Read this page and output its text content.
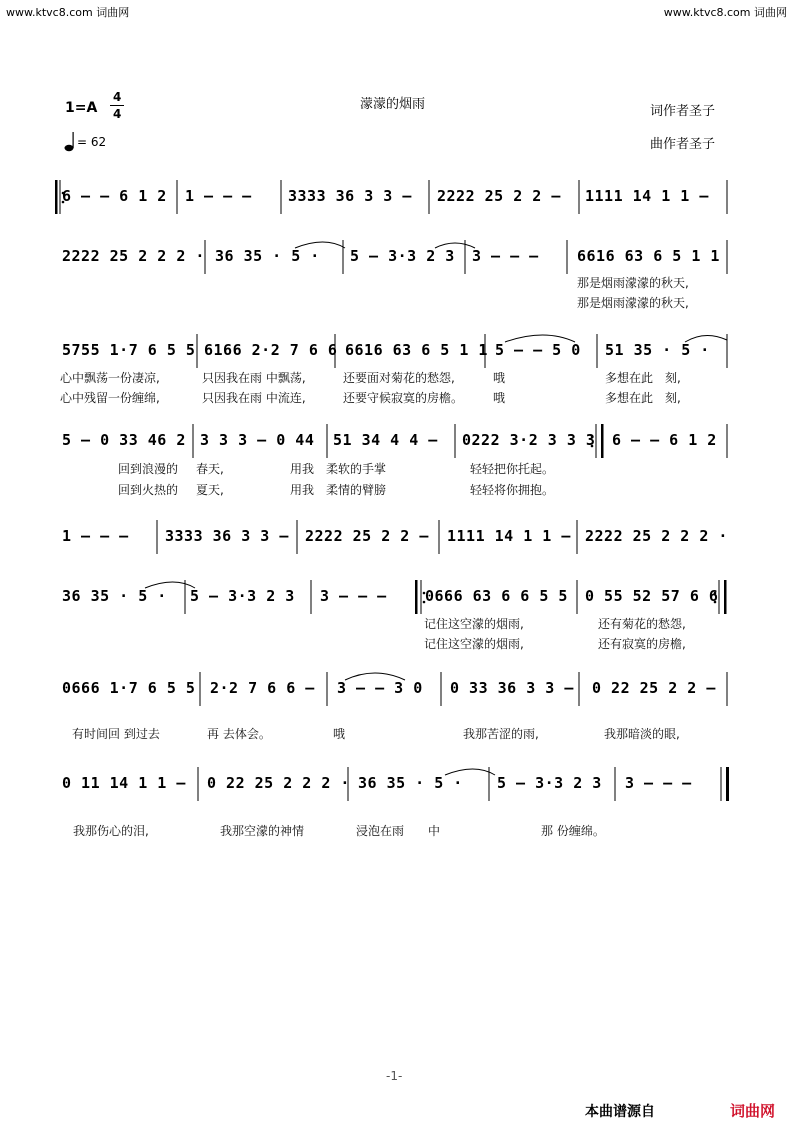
www.ktvc8.com 词曲网	www.ktvc8.com 词曲网
濛濛的烟雨
1=A
4
4	词作者圣子
曲作者圣子
= 62
6 — — 6 1 2 1 — — — 3333 36 3 3 — 2222 25 2 2 — 1111 14 1 1 —
2222 25 2 2 2 · 36 35 · 5 · 5 — 3·3 2 3 3 — — —	6616 63 6 5 1 1
那是烟雨濛濛的秋天,
那是烟雨濛濛的秋天,
5755 1·7 6 5 5 6166 2·2 7 6 6 6616 63 6 5 1 1 5 — — 5 0 51 35 · 5 ·
心中飘荡一份凄凉,	只因我在雨 中飘荡,	还要面对菊花的愁怨,	哦	多想在此　刻,
心中残留一份缠绵,	只因我在雨 中流连,	还要守候寂寞的房檐。 哦	多想在此　刻,
5 — 0 33 46 2 3 3 3 — 0 44 51 34 4 4 — 0222 3·2 3 3 3 6 — — 6 1 2
回到浪漫的 春天,	用我　柔软的手掌	轻轻把你托起。
回到火热的 夏天,	用我　柔情的臂膀	轻轻将你拥抱。
1 — — — 3333 36 3 3 — 2222 25 2 2 — 1111 14 1 1 — 2222 25 2 2 2 ·
36 35 · 5 · 5 — 3·3 2 3 3 — — —	0666 63 6 6 5 5 0 55 52 57 6 6
记住这空濛的烟雨,	还有菊花的愁怨,
记住这空濛的烟雨,	还有寂寞的房檐,
0666 1·7 6 5 5 2·2 7 6 6 — 3 — — 3 0 0 33 36 3 3 — 0 22 25 2 2 —
有时间回 到过去	再 去体会。	哦	我那苦涩的雨,	我那暗淡的眼,
0 11 14 1 1 — 0 22 25 2 2 2 · 36 35 · 5 · 5 — 3·3 2 3 3 — — —
我那伤心的泪,	我那空濛的神情	浸泡在雨　　中	那 份缠绵。
-1-
本曲谱源自	词曲网
